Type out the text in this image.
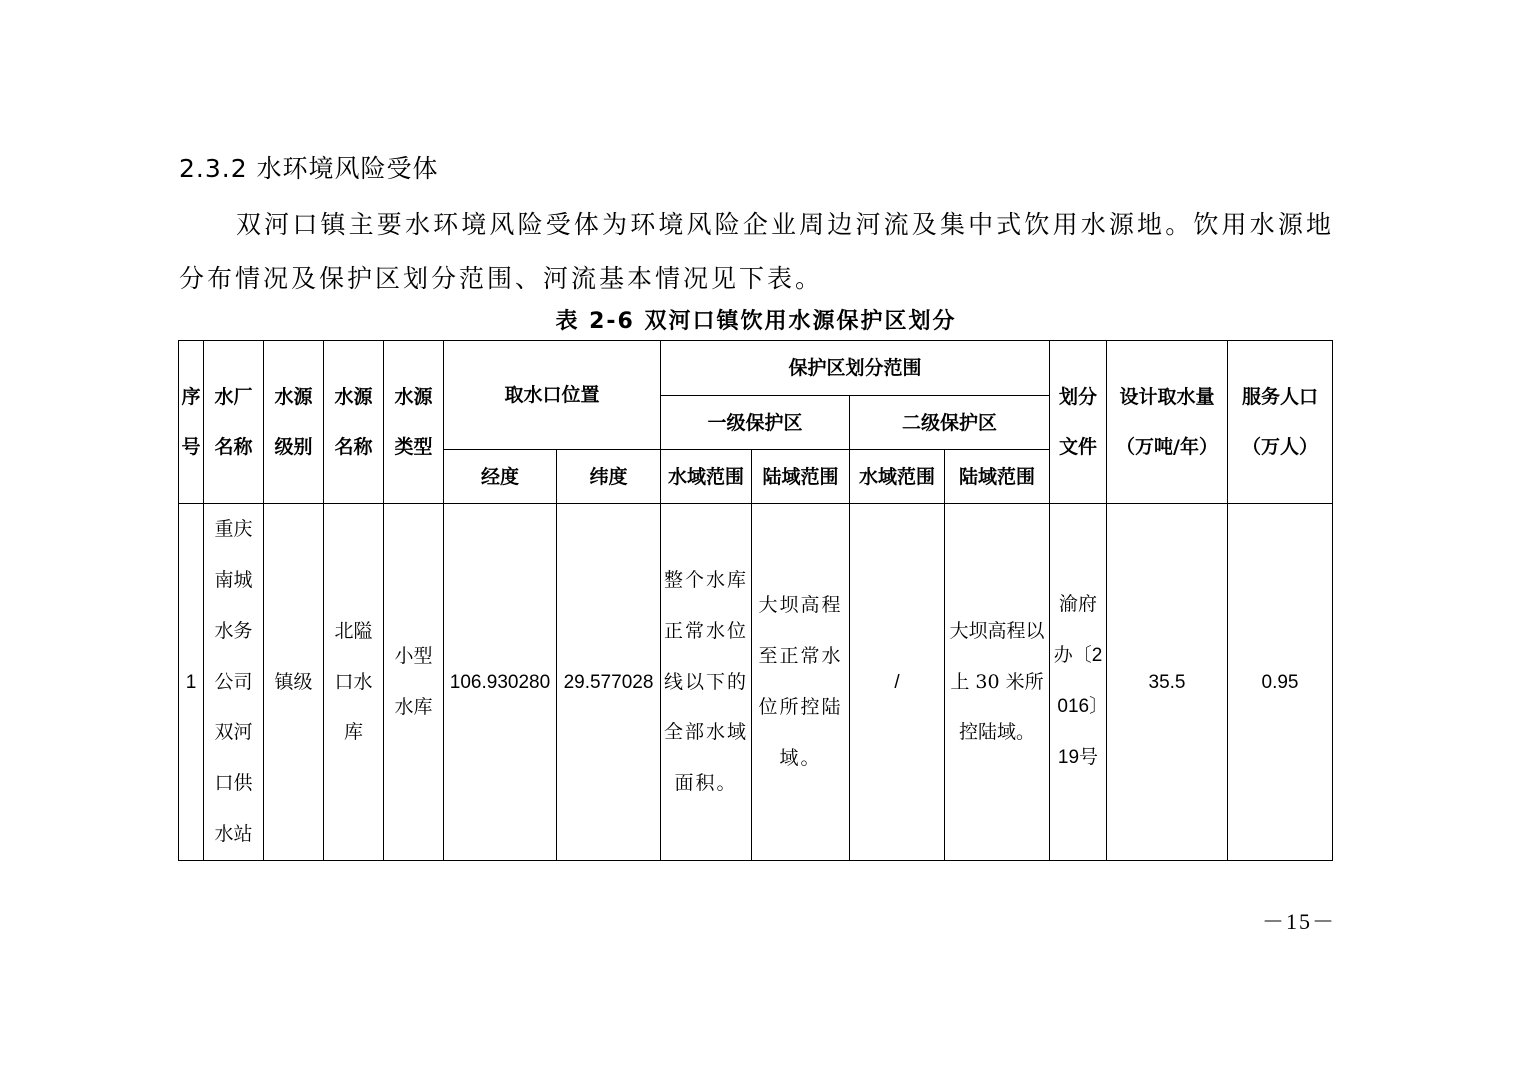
2.3.2 水环境风险受体
双河口镇主要水环境风险受体为环境风险企业周边河流及集中式饮用水源地。饮用水源地分布情况及保护区划分范围、河流基本情况见下表。
表 2-6 双河口镇饮用水源保护区划分
序号	水厂名称	水源级别	水源名称	水源类型	取水口位置		保护区划分范围				划分文件	设计取水量（万吨/年）	服务人口（万人）

							一级保护区		二级保护区				
					经度	纬度	水域范围	陆域范围	水域范围	陆域范围			
1	重庆南城水务公司双河口供水站	镇级	北隘口水库	小型水库	106.930280	29.577028	整个水库正常水位线以下的全部水域面积。	大坝高程至正常水位所控陆域。	/	大坝高程以上 30 米所控陆域。	渝府办〔2016〕19号	35.5	0.95
－15－
